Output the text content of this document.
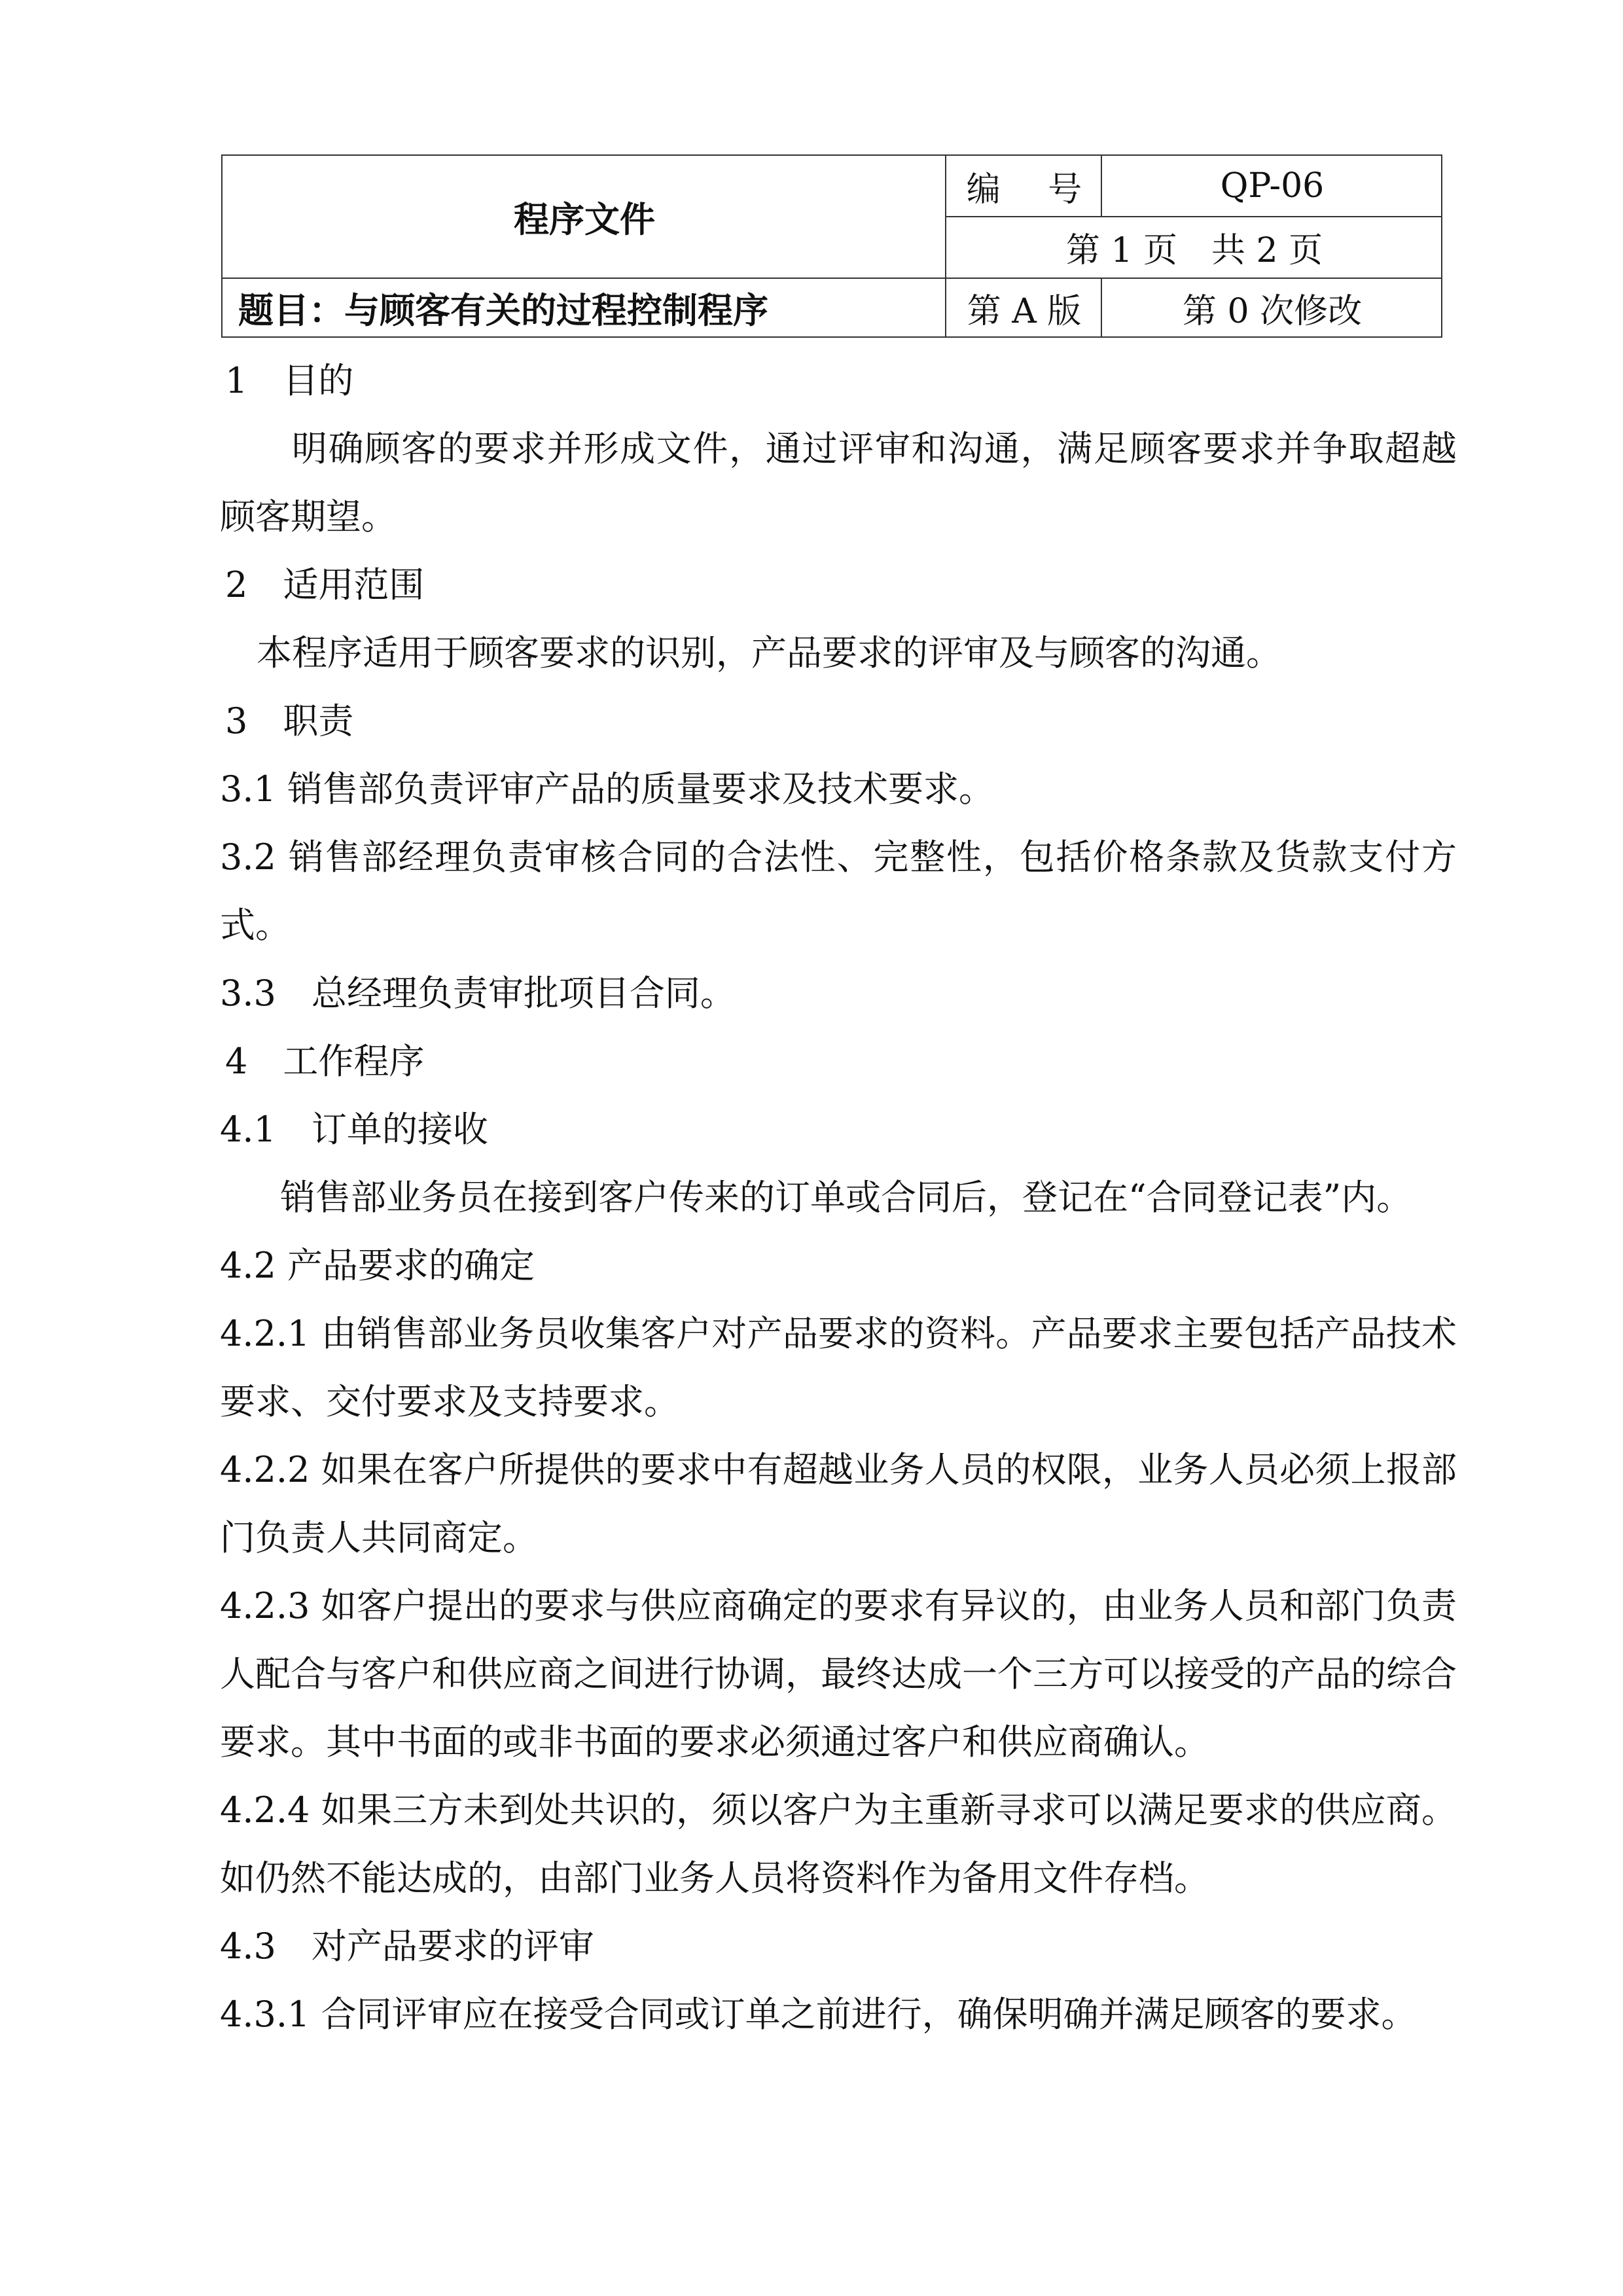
程序文件
编 号	QP-06
第 1 页　共 2 页
题目：与顾客有关的过程控制程序	第 A 版	第 0 次修改

1　目的

明确顾客的要求并形成文件，通过评审和沟通，满足顾客要求并争取超越顾客期望。

2　适用范围

本程序适用于顾客要求的识别，产品要求的评审及与顾客的沟通。

3　职责

3.1 销售部负责评审产品的质量要求及技术要求。

3.2 销售部经理负责审核合同的合法性、完整性，包括价格条款及货款支付方式。

3.3　总经理负责审批项目合同。

4　工作程序

4.1　订单的接收

销售部业务员在接到客户传来的订单或合同后，登记在“合同登记表”内。

4.2 产品要求的确定

4.2.1 由销售部业务员收集客户对产品要求的资料。产品要求主要包括产品技术要求、交付要求及支持要求。

4.2.2 如果在客户所提供的要求中有超越业务人员的权限，业务人员必须上报部门负责人共同商定。

4.2.3 如客户提出的要求与供应商确定的要求有异议的，由业务人员和部门负责人配合与客户和供应商之间进行协调，最终达成一个三方可以接受的产品的综合要求。其中书面的或非书面的要求必须通过客户和供应商确认。

4.2.4 如果三方未到处共识的，须以客户为主重新寻求可以满足要求的供应商。如仍然不能达成的，由部门业务人员将资料作为备用文件存档。

4.3　对产品要求的评审

4.3.1 合同评审应在接受合同或订单之前进行，确保明确并满足顾客的要求。
